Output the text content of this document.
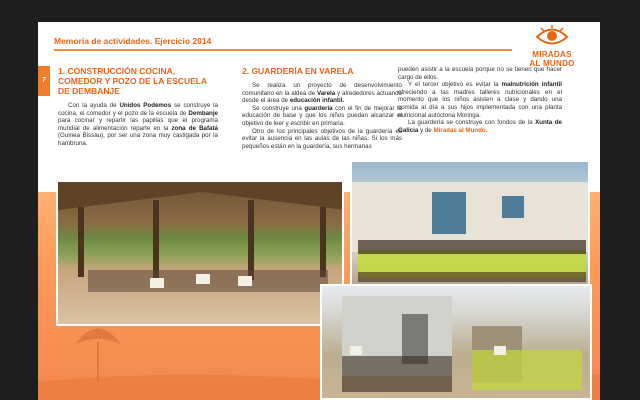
Memoria de actividades. Ejercicio 2014
MIRADAS
AL MUNDO
7
1. CONSTRUCCIÓN COCINA, COMEDOR Y POZO DE LA ESCUELA DE DEMBANJE

Con la ayuda de Unidos Podemos se construye la cocina, el comedor y el pozo de la escuela de Dembanje para cocinar y repartir las papillas que el programa mundial de alimentación reparte en la zona de Bafatá (Guinea Bissau), por ser una zona muy castigada por la hambruna.

2. GUARDERÍA EN VARELA

Se realiza un proyecto de desenvolvimiento comunitario en la aldea de Varela y alrededores actuando desde el área de educación infantil.

Se construye una guardería con el fin de mejorar la educación de base y que los niños puedan alcanzar el objetivo de leer y escribir en primaria.

Otro de los principales objetivos de la guardería es evitar la ausencia en las aulas de las niñas. Si los más pequeños están en la guardería, sus hermanas

pueden asistir a la escuela porque no se tienen que hacer cargo de ellos.

Y el tercer objetivo es evitar la malnutrición infantil ofreciendo a las madres talleres nutricionales en el momento que los niños asisten a clase y dando una comida al día a sus hijos implementada con una planta nutricional autóctona Moringa.

La guardería se construye con fondos de la Xunta de Galicia y de Miradas al Mundo.
